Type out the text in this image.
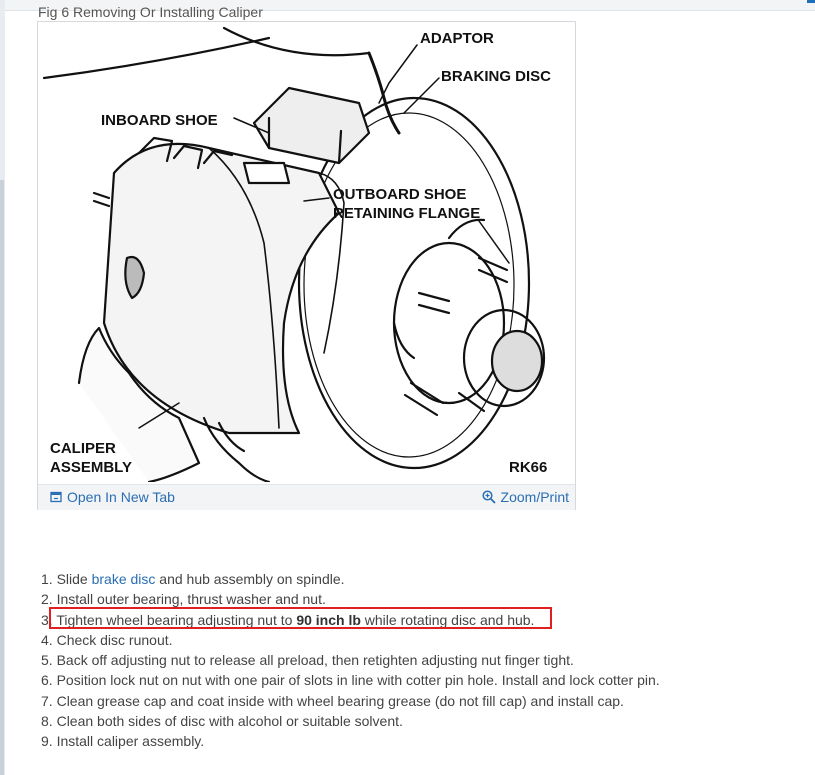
Fig 6 Removing Or Installing Caliper
ADAPTOR
BRAKING DISC
INBOARD SHOE
OUTBOARD SHOE
RETAINING FLANGE
CALIPER
ASSEMBLY	RK66
Open In New Tab	Zoom/Print
1. Slide brake disc and hub assembly on spindle.
2. Install outer bearing, thrust washer and nut.
3. Tighten wheel bearing adjusting nut to 90 inch lb while rotating disc and hub.
4. Check disc runout.
5. Back off adjusting nut to release all preload, then retighten adjusting nut finger tight.
6. Position lock nut on nut with one pair of slots in line with cotter pin hole. Install and lock cotter pin.
7. Clean grease cap and coat inside with wheel bearing grease (do not fill cap) and install cap.
8. Clean both sides of disc with alcohol or suitable solvent.
9. Install caliper assembly.
